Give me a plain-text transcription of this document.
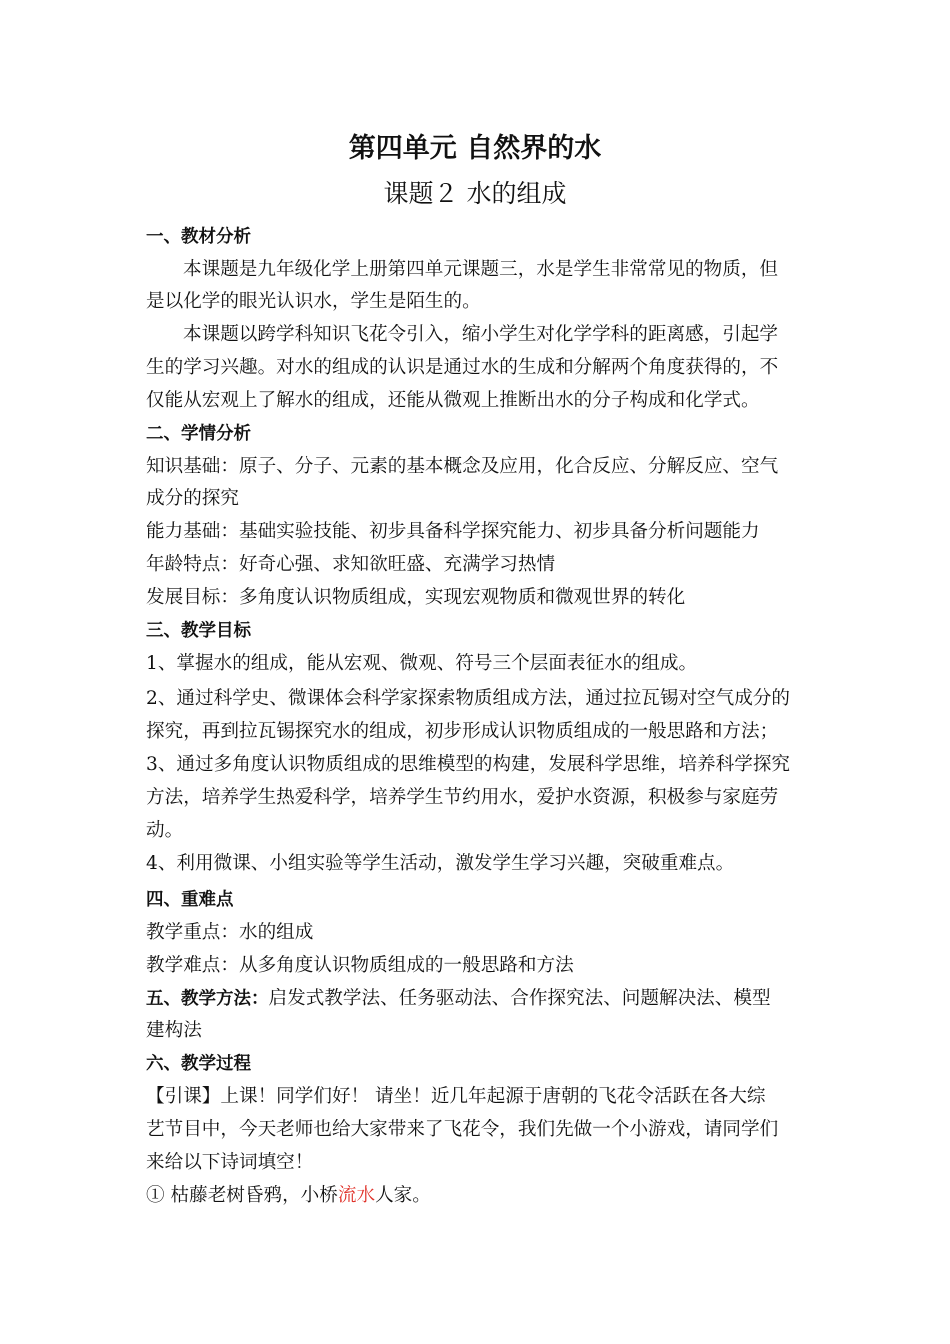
第四单元 自然界的水
课题２ 水的组成
一、教材分析
本课题是九年级化学上册第四单元课题三，水是学生非常常见的物质，但
是以化学的眼光认识水，学生是陌生的。
本课题以跨学科知识飞花令引入，缩小学生对化学学科的距离感，引起学
生的学习兴趣。对水的组成的认识是通过水的生成和分解两个角度获得的，不
仅能从宏观上了解水的组成，还能从微观上推断出水的分子构成和化学式。
二、学情分析
知识基础：原子、分子、元素的基本概念及应用，化合反应、分解反应、空气
成分的探究
能力基础：基础实验技能、初步具备科学探究能力、初步具备分析问题能力
年龄特点：好奇心强、求知欲旺盛、充满学习热情
发展目标：多角度认识物质组成，实现宏观物质和微观世界的转化
三、教学目标
1、掌握水的组成，能从宏观、微观、符号三个层面表征水的组成。
2、通过科学史、微课体会科学家探索物质组成方法，通过拉瓦锡对空气成分的
探究，再到拉瓦锡探究水的组成，初步形成认识物质组成的一般思路和方法；
3、通过多角度认识物质组成的思维模型的构建，发展科学思维，培养科学探究
方法，培养学生热爱科学，培养学生节约用水，爱护水资源，积极参与家庭劳
动。
4、利用微课、小组实验等学生活动，激发学生学习兴趣，突破重难点。
四、重难点
教学重点：水的组成
教学难点：从多角度认识物质组成的一般思路和方法
五、教学方法：启发式教学法、任务驱动法、合作探究法、问题解决法、模型
建构法
六、教学过程
【引课】上课！同学们好！ 请坐！近几年起源于唐朝的飞花令活跃在各大综
艺节目中，今天老师也给大家带来了飞花令，我们先做一个小游戏，请同学们
来给以下诗词填空！
① 枯藤老树昏鸦，小桥流水人家。
